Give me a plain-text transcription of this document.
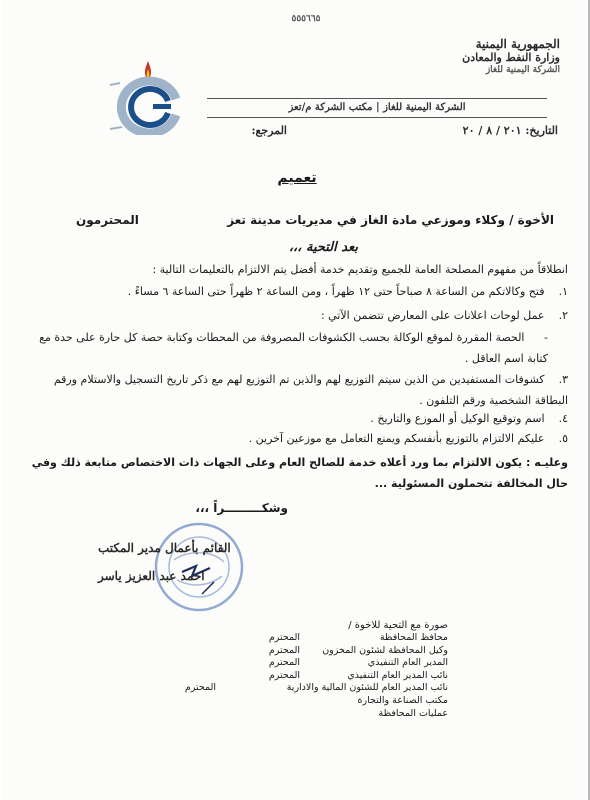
٥٥٥٦٦٥
الجمهورية اليمنية
وزارة النفط والمعادن
الشركة اليمنية للغاز
الشركة اليمنية للغاز | مكتب الشركة م/تعز
التاريخ: ٢٠١ / ٨ / ٢٠
المرجع:
تعميم
الأخوة / وكلاء وموزعي مادة الغاز في مديريات مدينة تعز
المحترمون
بعد التحية ،،،
انطلاقاً من مفهوم المصلحة العامة للجميع وتقديم خدمة أفضل يتم الالتزام بالتعليمات التالية :
١. فتح وكالاتكم من الساعة ٨ صباحاً حتى ١٢ ظهراً ، ومن الساعة ٢ ظهراً حتى الساعة ٦ مساءً .
٢. عمل لوحات اعلانات على المعارض تتضمن الآتي :
- الحصة المقررة لموقع الوكالة بحسب الكشوفات المصروفة من المحطات وكتابة حصة كل حارة على حدة مع كتابة اسم العاقل .
٣. كشوفات المستفيدين من الذين سيتم التوزيع لهم والذين تم التوزيع لهم مع ذكر تاريخ التسجيل والاستلام ورقم البطاقة الشخصية ورقم التلفون .
٤. اسم وتوقيع الوكيل أو الموزع والتاريخ .
٥. عليكم الالتزام بالتوزيع بأنفسكم ويمنع التعامل مع موزعين آخرين .
وعليـه : يكون الالتزام بما ورد أعلاه خدمة للصالح العام وعلى الجهات ذات الاختصاص متابعة ذلك وفي حال المخالفة تتحملون المسئولية ...
وشكـــــــــراً ،،،
القائم بأعمال مدير المكتب
احمد عبد العزيز ياسر
صورة مع التحية للاخوة /
محافظ المحافظة
المحترم
وكيل المحافظة لشئون المخزون
المحترم
المدير العام التنفيذي
المحترم
نائب المدير العام التنفيذي
المحترم
نائب المدير العام للشئون المالية والادارية
المحترم
مكتب الصناعة والتجارة
عمليات المحافظة
